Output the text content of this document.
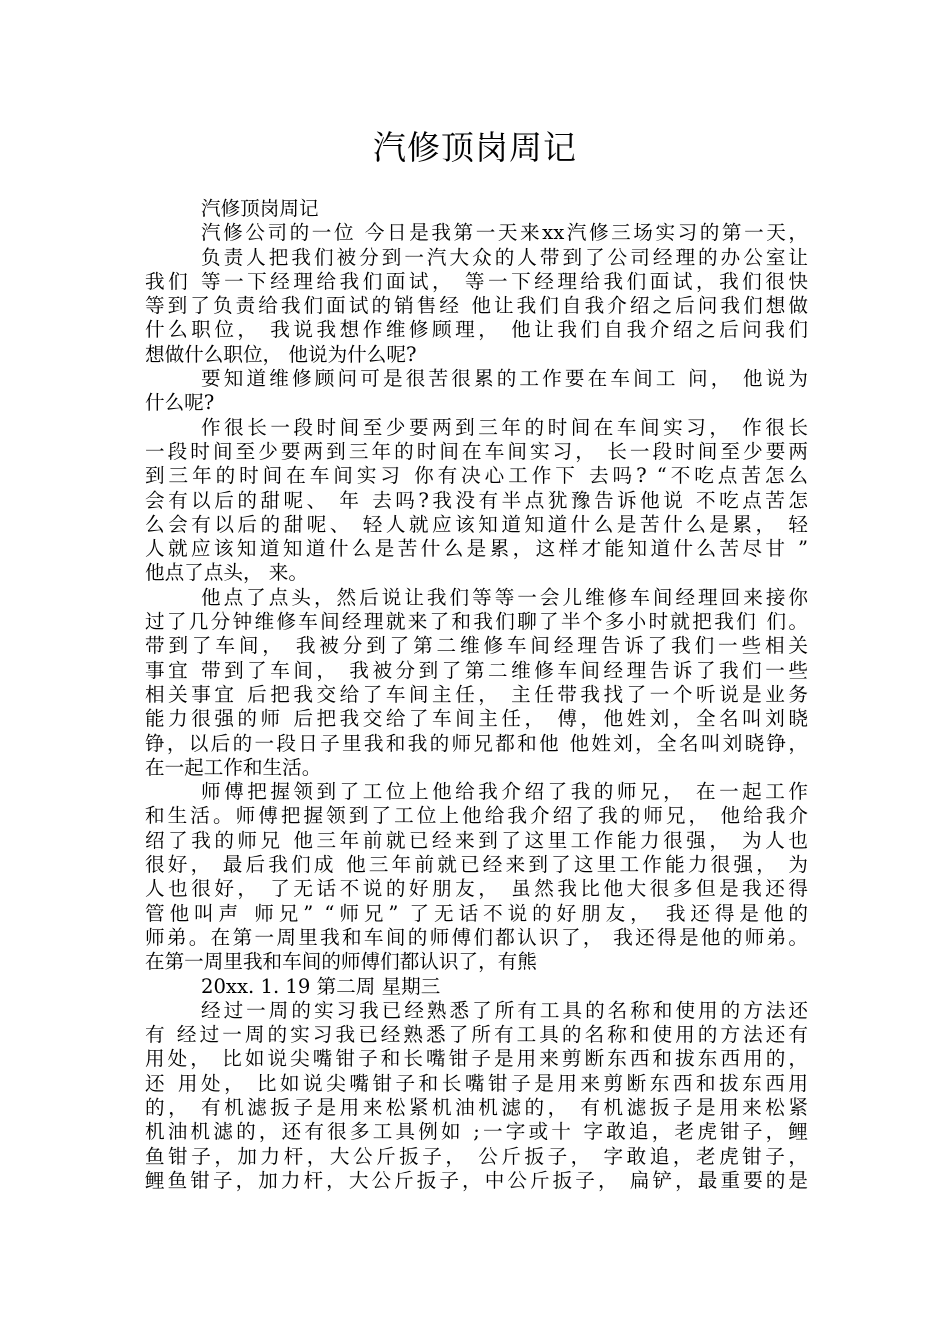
汽修顶岗周记
汽修顶岗周记
汽修公司的一位 今日是我第一天来xx汽修三场实习的第一天，
负责人把我们被分到一汽大众的人带到了公司经理的办公室让
我们 等一下经理给我们面试， 等一下经理给我们面试，我们很快
等到了负责给我们面试的销售经 他让我们自我介绍之后问我们想做
什么职位， 我说我想作维修顾理， 他让我们自我介绍之后问我们
想做什么职位， 他说为什么呢?
要知道维修顾问可是很苦很累的工作要在车间工 问， 他说为
什么呢?
作很长一段时间至少要两到三年的时间在车间实习， 作很长
一段时间至少要两到三年的时间在车间实习， 长一段时间至少要两
到三年的时间在车间实习 你有决心工作下 去吗? “不吃点苦怎么
会有以后的甜呢、 年 去吗?我没有半点犹豫告诉他说 不吃点苦怎
么会有以后的甜呢、 轻人就应该知道知道什么是苦什么是累， 轻
人就应该知道知道什么是苦什么是累，这样才能知道什么苦尽甘 ”
他点了点头， 来。
他点了点头，然后说让我们等等一会儿维修车间经理回来接你
过了几分钟维修车间经理就来了和我们聊了半个多小时就把我们 们。
带到了车间， 我被分到了第二维修车间经理告诉了我们一些相关
事宜 带到了车间， 我被分到了第二维修车间经理告诉了我们一些
相关事宜 后把我交给了车间主任， 主任带我找了一个听说是业务
能力很强的师 后把我交给了车间主任， 傅，他姓刘，全名叫刘晓
铮，以后的一段日子里我和我的师兄都和他 他姓刘，全名叫刘晓铮，
在一起工作和生活。
师傅把握领到了工位上他给我介绍了我的师兄， 在一起工作
和生活。师傅把握领到了工位上他给我介绍了我的师兄， 他给我介
绍了我的师兄 他三年前就已经来到了这里工作能力很强， 为人也
很好， 最后我们成 他三年前就已经来到了这里工作能力很强， 为
人也很好， 了无话不说的好朋友， 虽然我比他大很多但是我还得
管他叫声 师兄” “师兄” 了无话不说的好朋友， 我还得是他的
师弟。在第一周里我和车间的师傅们都认识了， 我还得是他的师弟。
在第一周里我和车间的师傅们都认识了，有熊
20xx. 1. 19 第二周 星期三
经过一周的实习我已经熟悉了所有工具的名称和使用的方法还
有 经过一周的实习我已经熟悉了所有工具的名称和使用的方法还有
用处， 比如说尖嘴钳子和长嘴钳子是用来剪断东西和拔东西用的，
还 用处， 比如说尖嘴钳子和长嘴钳子是用来剪断东西和拔东西用
的， 有机滤扳子是用来松紧机油机滤的， 有机滤扳子是用来松紧
机油机滤的，还有很多工具例如 ;一字或十 字敢追，老虎钳子，鲤
鱼钳子，加力杆，大公斤扳子， 公斤扳子， 字敢追，老虎钳子，
鲤鱼钳子，加力杆，大公斤扳子，中公斤扳子， 扁铲，最重要的是
